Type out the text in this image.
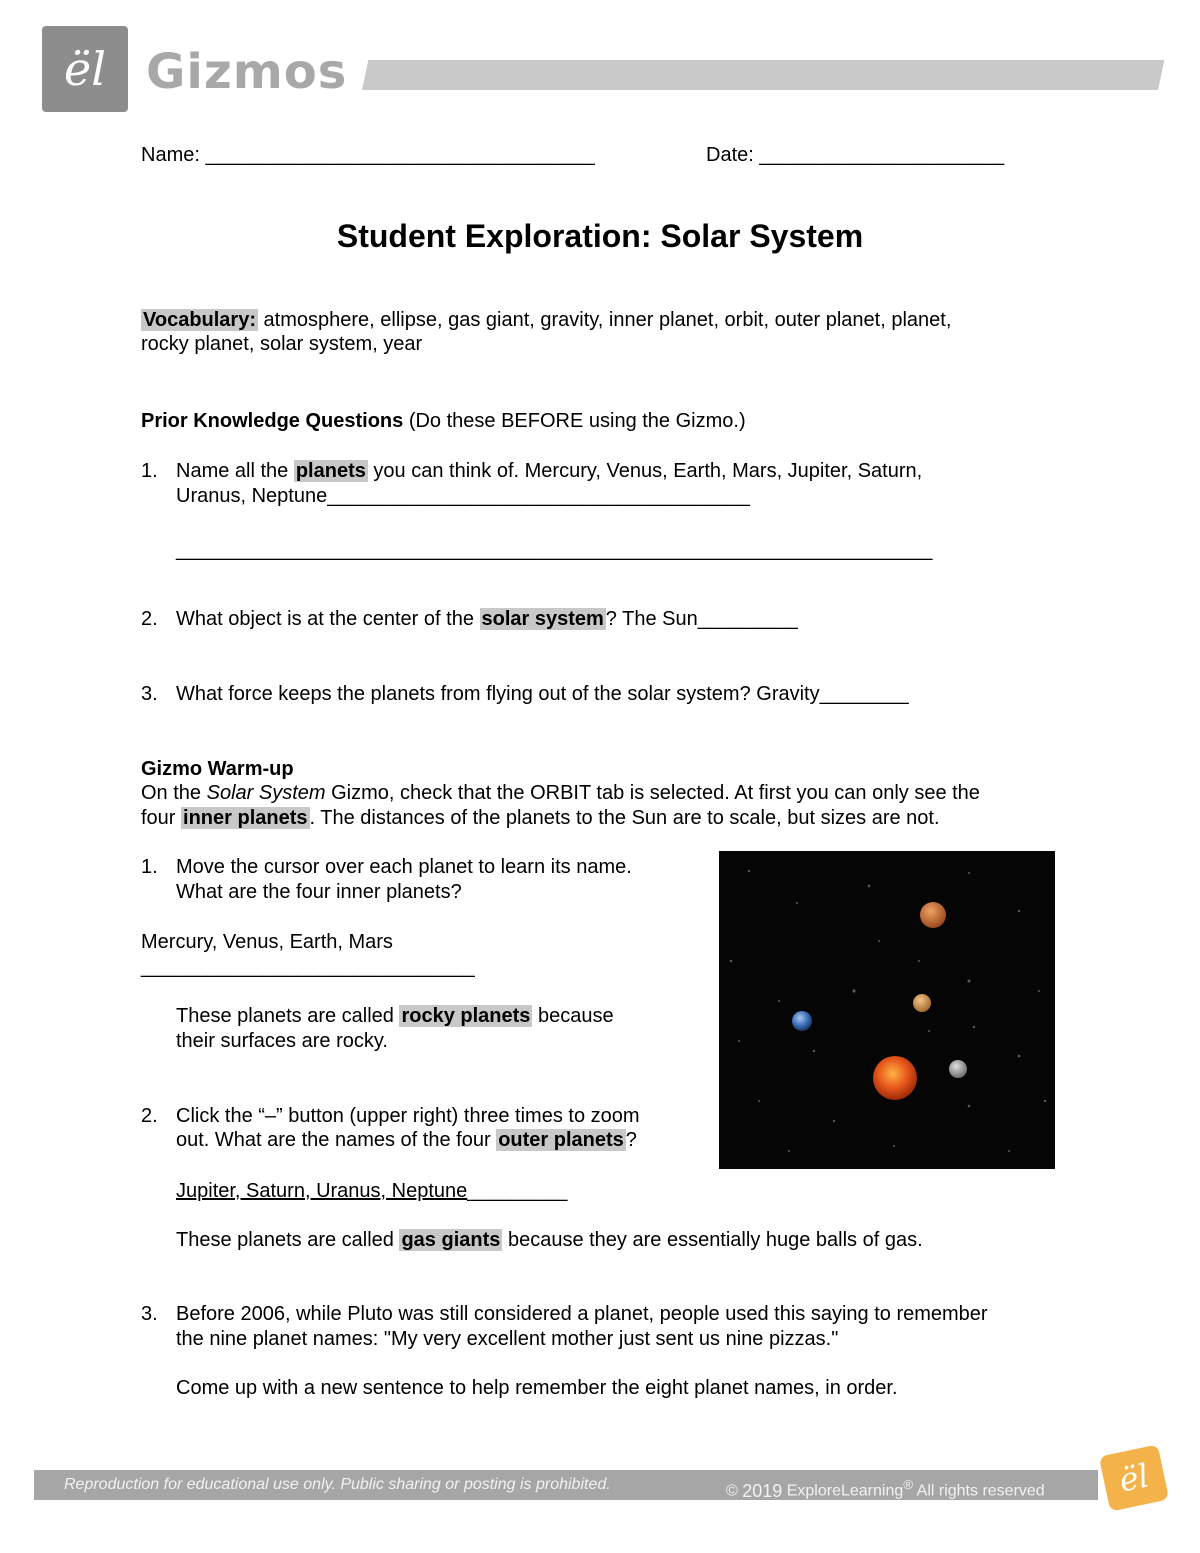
ël Gizmos
Name: ___________________________________	Date: ______________________
Student Exploration: Solar System
Vocabulary: atmosphere, ellipse, gas giant, gravity, inner planet, orbit, outer planet, planet,
rocky planet, solar system, year
Prior Knowledge Questions (Do these BEFORE using the Gizmo.)
1. Name all the planets you can think of. Mercury, Venus, Earth, Mars, Jupiter, Saturn,
Uranus, Neptune______________________________________
____________________________________________________________________
2. What object is at the center of the solar system ? The Sun_________
3. What force keeps the planets from flying out of the solar system? Gravity________
Gizmo Warm-up
On the Solar System Gizmo, check that the ORBIT tab is selected. At first you can only see the
four inner planets . The distances of the planets to the Sun are to scale, but sizes are not.
1. Move the cursor over each planet to learn its name.
What are the four inner planets?
Mercury, Venus, Earth, Mars
______________________________
These planets are called rocky planets because
their surfaces are rocky.
2. Click the “–” button (upper right) three times to zoom
out. What are the names of the four outer planets ?
Jupiter, Saturn, Uranus, Neptune_________
These planets are called gas giants because they are essentially huge balls of gas.
3. Before 2006, while Pluto was still considered a planet, people used this saying to remember
the nine planet names: "My very excellent mother just sent us nine pizzas."
Come up with a new sentence to help remember the eight planet names, in order.
Reproduction for educational use only. Public sharing or posting is prohibited.	© 2019 ExploreLearning® All rights reserved	ël
